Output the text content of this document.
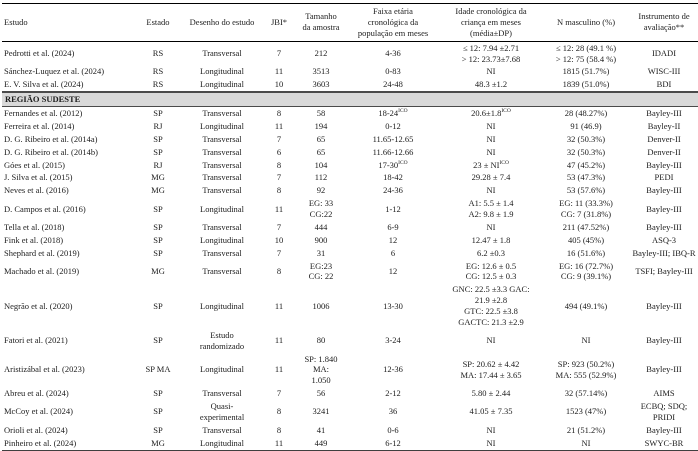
Estudo	Estado	Desenho do estudo	JBI*	Tamanho
da amostra	Faixa etária
cronológica da
população em meses	Idade cronológica da
criança em meses
(média±DP)	N masculino (%)	Instrumento de
avaliação**
Pedrotti et al. (2024)	RS	Transversal	7	212	4-36	≤ 12: 7.94 ±2.71
> 12: 23.73±7.68	≤ 12: 28 (49.1 %)
> 12: 75 (58.4 %)	IDADI
Sánchez-Luquez et al. (2024)	RS	Longitudinal	11	3513	0-83	NI	1815 (51.7%)	WISC-III
E. V. Silva et al. (2024)	RS	Longitudinal	10	3603	24-48	48.3 ±1.2	1839 (51.0%)	BDI
REGIÃO SUDESTE								
Fernandes et al. (2012)	SP	Transversal	8	58	$18-24^{ICO}$	$20.6\pm 1.8^{ICO}$	28 (48.27%)	Bayley-III
Ferreira et al. (2014)	RJ	Longitudinal	11	194	0-12	NI	91 (46.9)	Bayley-II
D. G. Ribeiro et al. (2014a)	SP	Transversal	7	65	11.65-12.65	NI	32 (50.3%)	Denver-II
D. G. Ribeiro et al. (2014b)	SP	Transversal	6	65	11.66-12.66	NI	32 (50.3%)	Denver-II
Góes et al. (2015)	RJ	Transversal	8	104	$17-30^{ICO}$	$23 \pm NI^{ICO}$	47 (45.2%)	Bayley-III
J. Silva et al. (2015)	MG	Transversal	7	112	18-42	29.28 ± 7.4	53 (47.3%)	PEDI
Neves et al. (2016)	MG	Transversal	8	92	24-36	NI	53 (57.6%)	Bayley-III
D. Campos et al. (2016)	SP	Longitudinal	11	EG: 33
CG:22	1-12	A1: 5.5 ± 1.4
A2: 9.8 ± 1.9	EG: 11 (33.3%)
CG: 7 (31.8%)	Bayley-III
Tella et al. (2018)	SP	Transversal	7	444	6-9	NI	211 (47.52%)	Bayley-III
Fink et al. (2018)	SP	Longitudinal	10	900	12	12.47 ± 1.8	405 (45%)	ASQ-3
Shephard et al. (2019)	SP	Transversal	7	31	6	6.2 ±0.3	16 (51.6%)	Bayley-III; IBQ-R
Machado et al. (2019)	MG	Transversal	8	EG:23
CG: 22	12	EG: 12.6 ± 0.5
CG: 12.5 ± 0.3	EG: 16 (72.7%)
CG: 9 (39.1%)	TSFI; Bayley-III
Negrão et al. (2020)	SP	Longitudinal	11	1006	13-30	GNC: 22.5 ±3.3 GAC:
21.9 ±2.8
GTC: 22.5 ±3.8
GACTC: 21.3 ±2.9	494 (49.1%)	Bayley-III
Fatori et al. (2021)	SP	Estudo
randomizado	11	80	3-24	NI	NI	Bayley-III
Aristizábal et al. (2023)	SP MA	Longitudinal	11	SP: 1.840
MA:
1.050	12-36	SP: 20.62 ± 4.42
MA: 17.44 ± 3.65	SP: 923 (50.2%)
MA: 555 (52.9%)	Bayley-III
Abreu et al. (2024)	SP	Transversal	7	56	2-12	5.80 ± 2.44	32 (57.14%)	AIMS
McCoy et al. (2024)	SP	Quasi-
experimental	8	3241	36	41.05 ± 7.35	1523 (47%)	ECBQ; SDQ;
PRIDI
Orioli et al. (2024)	SP	Transversal	8	41	0-6	NI	21 (51.2%)	Bayley-III
Pinheiro et al. (2024)	MG	Longitudinal	11	449	6-12	NI	NI	SWYC-BR
